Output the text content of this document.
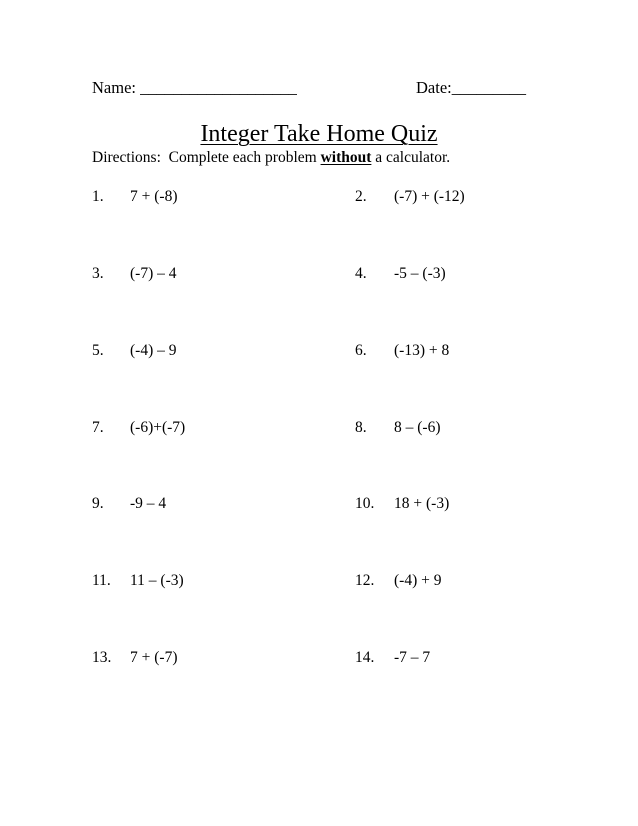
Name: ___________________	Date:_________
Integer Take Home Quiz
Directions:  Complete each problem without a calculator.
1. 7 + (-8)
3. (-7) – 4
5. (-4) – 9
7. (-6)+(-7)
9. -9 – 4
11. 11 – (-3)
13. 7 + (-7)
2. (-7) + (-12)
4. -5 – (-3)
6. (-13) + 8
8. 8 – (-6)
10. 18 + (-3)
12. (-4) + 9
14. -7 – 7
